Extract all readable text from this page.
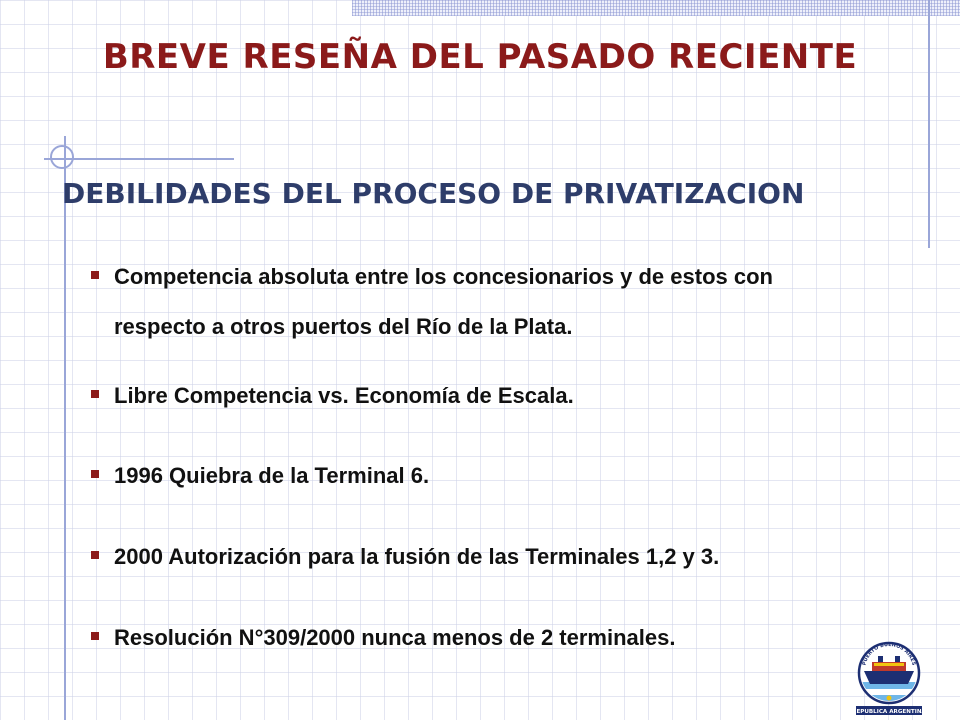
BREVE RESEÑA DEL PASADO RECIENTE
DEBILIDADES DEL PROCESO DE PRIVATIZACION
Competencia absoluta entre los concesionarios y de estos con respecto a otros puertos del Río de la Plata.
Libre Competencia vs. Economía de Escala.
1996 Quiebra de la Terminal 6.
2000 Autorización para la fusión de las Terminales 1,2 y 3.
Resolución N°309/2000 nunca menos de 2 terminales.
PUERTO BUENOS AIRES
REPUBLICA ARGENTINA
